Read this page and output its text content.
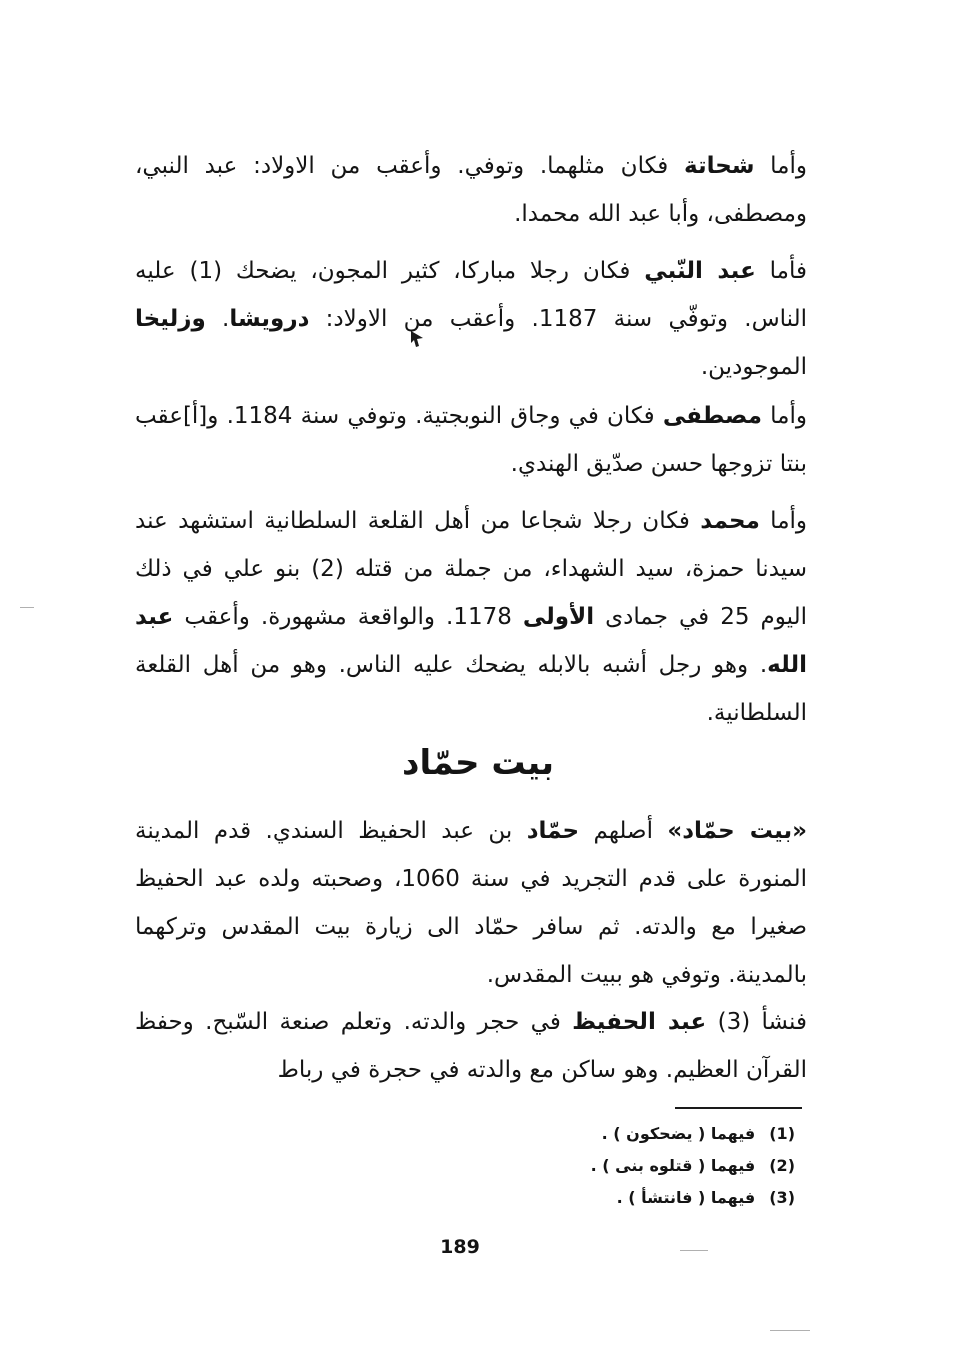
وأما شحاتة فكان مثلهما. وتوفي. وأعقب من الاولاد: عبد النبي، ومصطفى، وأبا عبد الله محمدا.

فأما عبد النّبي فكان رجلا مباركا، كثير المجون، يضحك (1) عليه الناس. وتوفّي سنة 1187. وأعقب من الاولاد: درويشا. وزليخا الموجودين.

وأما مصطفى فكان في وجاق النوبجتية. وتوفي سنة 1184. و[أ]عقب بنتا تزوجها حسن صدّيق الهندي.

وأما محمد فكان رجلا شجاعا من أهل القلعة السلطانية استشهد عند سيدنا حمزة، سيد الشهداء، من جملة من قتله (2) بنو علي في ذلك اليوم 25 في جمادى الأولى 1178. والواقعة مشهورة. وأعقب عبد الله. وهو رجل أشبه بالابله يضحك عليه الناس. وهو من أهل القلعة السلطانية.

بيت حمّاد

«بيت حمّاد» أصلهم حمّاد بن عبد الحفيظ السندي. قدم المدينة المنورة على قدم التجريد في سنة 1060، وصحبته ولده عبد الحفيظ صغيرا مع والدته. ثم سافر حمّاد الى زيارة بيت المقدس وتركهما بالمدينة. وتوفي هو ببيت المقدس.

فنشأ (3) عبد الحفيظ في حجر والدته. وتعلم صنعة السّبح. وحفظ القرآن العظيم. وهو ساكن مع والدته في حجرة في رباط

(1)فيهما ( يضحكون ) .
(2)فيهما ( قتلوه بنى ) .
(3)فيهما ( فانتشأ ) .
189
